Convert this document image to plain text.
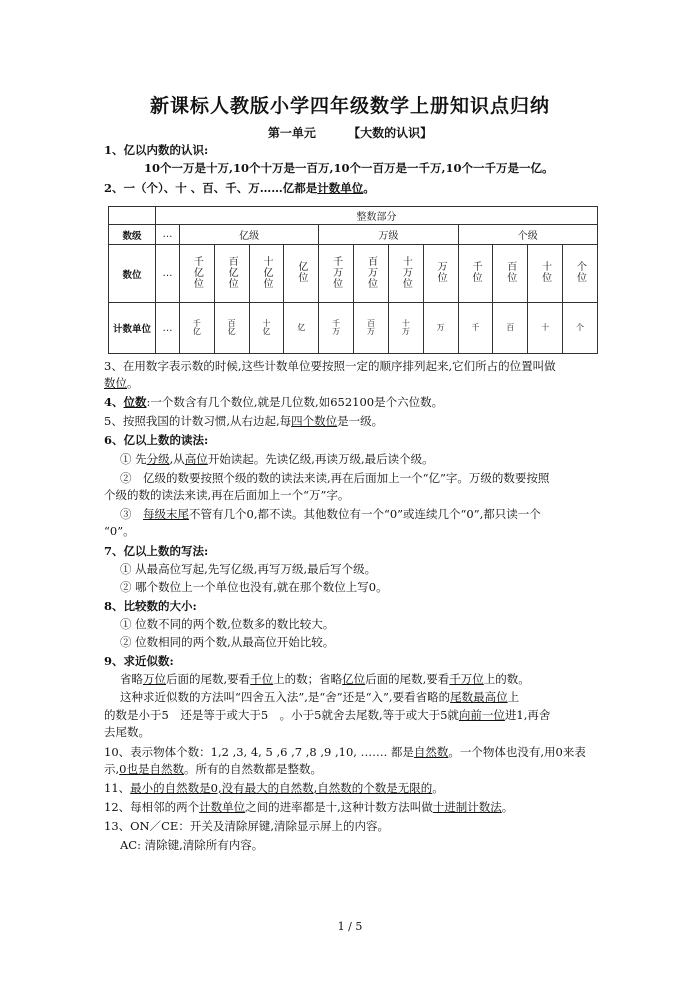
新课标人教版小学四年级数学上册知识点归纳
第一单元	【大数的认识】
1、亿以内数的认识:
10个一万是十万,10个十万是一百万,10个一百万是一千万,10个一千万是一亿。
2、一（个）、十 、百、千、万……亿都是计数单位。
	整数部分												
数级	…	亿级				万级				个级			
数位	…	千亿位	百亿位	十亿位	亿位	千万位	百万位	十万位	万位	千位	百位	十位	个位
计数单位	…	千亿	百亿	十亿	亿	千万	百万	十万	万	千	百	十	个
3、在用数字表示数的时候,这些计数单位要按照一定的顺序排列起来,它们所占的位置叫做
数位。
4、位数:一个数含有几个数位,就是几位数,如652100是个六位数。
5、按照我国的计数习惯,从右边起,每四个数位是一级。
6、亿以上数的读法:
① 先分级,从高位开始读起。先读亿级,再读万级,最后读个级。
②　亿级的数要按照个级的数的读法来读,再在后面加上一个“亿”字。万级的数要按照
个级的数的读法来读,再在后面加上一个“万”字。
③　每级末尾不管有几个0,都不读。其他数位有一个“0”或连续几个“0”,都只读一个
“0”。
7、亿以上数的写法:
① 从最高位写起,先写亿级,再写万级,最后写个级。
② 哪个数位上一个单位也没有,就在那个数位上写0。
8、比较数的大小:
① 位数不同的两个数,位数多的数比较大。
② 位数相同的两个数,从最高位开始比较。
9、求近似数:
省略万位后面的尾数,要看千位上的数；省略亿位后面的尾数,要看千万位上的数。
这种求近似数的方法叫“四舍五入法”,是“舍”还是“入”,要看省略的尾数最高位上
的数是小于5　还是等于或大于5　。小于5就舍去尾数,等于或大于5就向前一位进1,再舍
去尾数。
10、表示物体个数：1,2 ,3, 4, 5 ,6 ,7 ,8 ,9 ,10, ……. 都是自然数。一个物体也没有,用0来表
示,0也是自然数。所有的自然数都是整数。
11、最小的自然数是0,没有最大的自然数,自然数的个数是无限的。
12、每相邻的两个计数单位之间的进率都是十,这种计数方法叫做十进制计数法。
13、ON／CE：开关及清除屏键,清除显示屏上的内容。
AC: 清除键,清除所有内容。
1 / 5
